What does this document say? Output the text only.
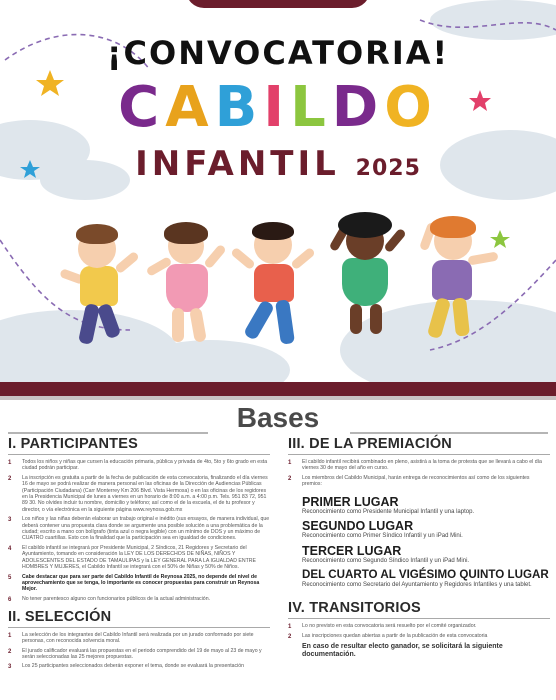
¡CONVOCATORIA!
CABILDO
INFANTIL 2025
Bases
I. PARTICIPANTES
1	Todos los niños y niñas que cursen la educación primaria, pública y privada de 4to, 5to y 6to grado en esta ciudad podrán participar.
2	La inscripción es gratuita a partir de la fecha de publicación de esta convocatoria, finalizando el día viernes 16 de mayo se podrá realizar de manera personal en las oficinas de la Dirección de Audiencias Públicas (Participación Ciudadana) (Carr Monterrey Km 206 Blvd. Vista Hermosa) o en las oficinas de los regidores en la Presidencia Municipal de lunes a viernes en un horario de 8:00 a.m. a 4:00 p.m. Tels. 951 83 72, 951 89 30. No olvides incluir tu nombre, domicilio y teléfono; así como el de la escuela, el de tu profesor y director, o vía electrónica en la siguiente página www.reynosa.gob.mx
3	Los niños y las niñas deberán elaborar un trabajo original e inédito (sus ensayos, de manera individual, que deberá contener una propuesta clara donde se argumente una posible solución a una problemática de la ciudad; escrito a mano con bolígrafo (tinta azul o negra legible) con un mínimo de DOS y un máximo de CUATRO cuartillas. Esto con la finalidad que la participación sea en igualdad de condiciones.
4	El cabildo infantil se integrará por Presidente Municipal, 2 Síndicos, 21 Regidores y Secretario del Ayuntamiento, tomando en consideración la LEY DE LOS DERECHOS DE NIÑAS, NIÑOS Y ADOLESCENTES DEL ESTADO DE TAMAULIPAS y la LEY GENERAL PARA LA IGUALDAD ENTRE HOMBRES Y MUJERES, el Cabildo Infantil se integrará con el 50% de Niñas y 50% de Niños.
5	Cabe destacar que para ser parte del Cabildo Infantil de Reynosa 2025, no depende del nivel de aprovechamiento que se tenga, lo importante es conocer propuestas para construir un Reynosa Mejor.
6	No tener parentesco alguno con funcionarios públicos de la actual administración.
II. SELECCIÓN
1	La selección de los integrantes del Cabildo Infantil será realizada por un jurado conformado por siete personas, con reconocida solvencia moral.
2	El jurado calificador evaluará las propuestas en el periodo comprendido del 19 de mayo al 23 de mayo y serán seleccionadas las 25 mejores propuestas.
3	Los 25 participantes seleccionados deberán exponer el tema, donde se evaluará la presentación
III. DE LA PREMIACIÓN
1	El cabildo infantil recibirá combinado en pleno, asistirá a la toma de protesta que se llevará a cabo el día viernes 30 de mayo del año en curso.
2	Los miembros del Cabildo Municipal, harán entrega de reconocimientos así como de los siguientes premios:
PRIMER LUGAR
Reconocimiento como Presidente Municipal Infantil y una laptop.
SEGUNDO LUGAR
Reconocimiento como Primer Síndico Infantil y un iPad Mini.
TERCER LUGAR
Reconocimiento como Segundo Síndico Infantil y un iPad Mini.
DEL CUARTO AL VIGÉSIMO QUINTO LUGAR
Reconocimiento como Secretario del Ayuntamiento y Regidores Infantiles y una tablet.
IV. TRANSITORIOS
1	Lo no previsto en esta convocatoria será resuelto por el comité organizador.
2	Las inscripciones quedan abiertas a partir de la publicación de esta convocatoria
En caso de resultar electo ganador, se solicitará la siguiente documentación.
